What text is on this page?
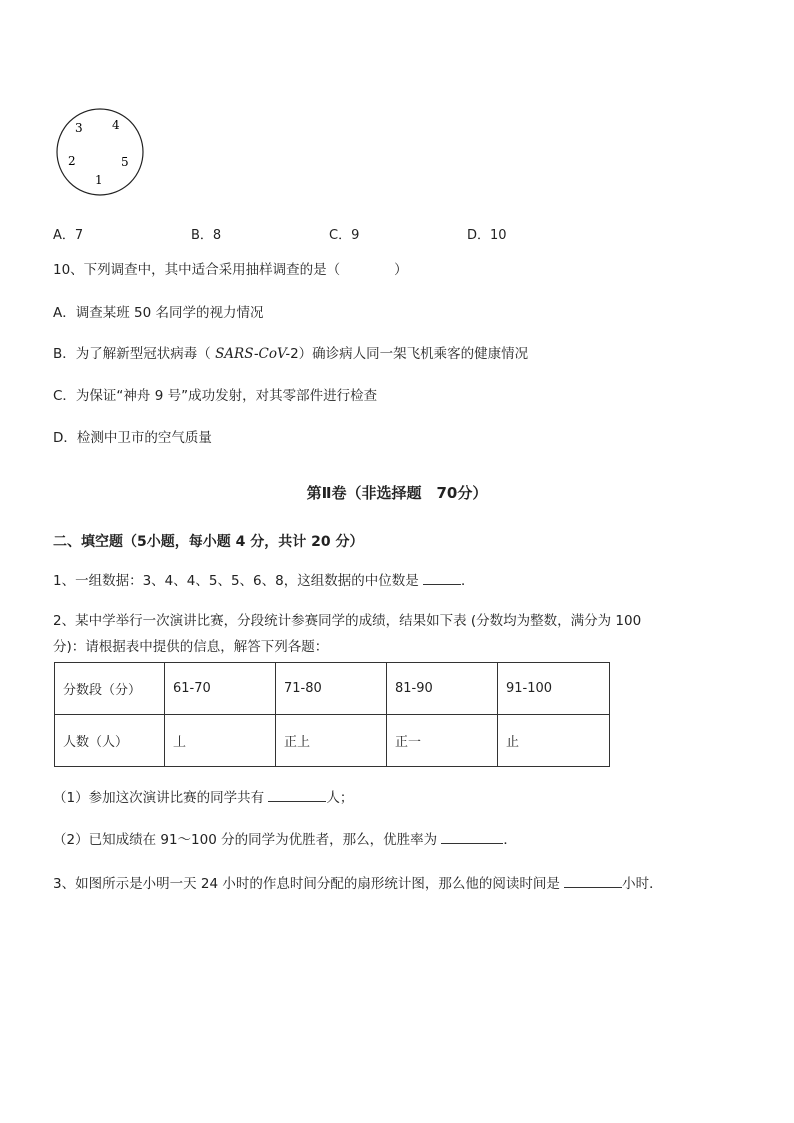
3 4
2	5
1
A．7	B．8	C．9	D．10
10、下列调查中，其中适合采用抽样调查的是（　　　　）
A．调查某班 50 名同学的视力情况
B．为了解新型冠状病毒（ SARS-CoV-2）确诊病人同一架飞机乘客的健康情况
C．为保证“神舟 9 号”成功发射，对其零部件进行检查
D．检测中卫市的空气质量
第Ⅱ卷（非选择题　70分）
二、填空题（5小题，每小题 4 分，共计 20 分）
1、一组数据：3、4、4、5、5、6、8，这组数据的中位数是	．
2、某中学举行一次演讲比赛，分段统计参赛同学的成绩，结果如下表 (分数均为整数，满分为 100
分)：请根据表中提供的信息，解答下列各题：
分数段（分）	61-70	71-80	81-90	91-100
人数（人）	丄	正上	正一	止
（1）参加这次演讲比赛的同学共有	人；
（2）已知成绩在 91～100 分的同学为优胜者，那么，优胜率为	．
3、如图所示是小明一天 24 小时的作息时间分配的扇形统计图，那么他的阅读时间是	小时．
